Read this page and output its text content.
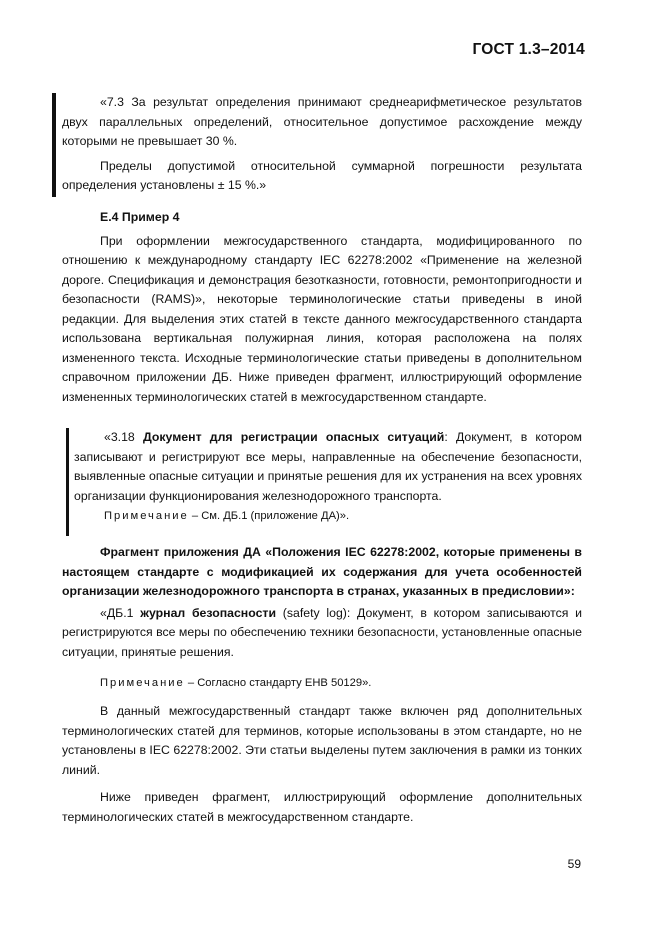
ГОСТ 1.3–2014

«7.3 За результат определения принимают среднеарифметическое результатов двух параллельных определений, относительное допустимое расхождение между которыми не превышает 30 %.

Пределы допустимой относительной суммарной погрешности результата определения установлены ± 15 %.»

Е.4 Пример 4

При оформлении межгосударственного стандарта, модифицированного по отношению к международному стандарту IEC 62278:2002 «Применение на железной дороге. Спецификация и демонстрация безотказности, готовности, ремонтопригодности и безопасности (RAMS)», некоторые терминологические статьи приведены в иной редакции. Для выделения этих статей в тексте данного межгосударственного стандарта использована вертикальная полужирная линия, которая расположена на полях измененного текста. Исходные терминологические статьи приведены в дополнительном справочном приложении ДБ. Ниже приведен фрагмент, иллюстрирующий оформление измененных терминологических статей в межгосударственном стандарте.

«3.18 Документ для регистрации опасных ситуаций: Документ, в котором записывают и регистрируют все меры, направленные на обеспечение безопасности, выявленные опасные ситуации и принятые решения для их устранения на всех уровнях организации функционирования железнодорожного транспорта.

Примечание – См. ДБ.1 (приложение ДА)».

Фрагмент приложения ДА «Положения IEC 62278:2002, которые применены в настоящем стандарте с модификацией их содержания для учета особенностей организации железнодорожного транспорта в странах, указанных в предисловии»:

«ДБ.1 журнал безопасности (safety log): Документ, в котором записываются и регистрируются все меры по обеспечению техники безопасности, установленные опасные ситуации, принятые решения.

Примечание – Согласно стандарту ЕНВ 50129».

В данный межгосударственный стандарт также включен ряд дополнительных терминологических статей для терминов, которые использованы в этом стандарте, но не установлены в IEC 62278:2002. Эти статьи выделены путем заключения в рамки из тонких линий.

Ниже приведен фрагмент, иллюстрирующий оформление дополнительных терминологических статей в межгосударственном стандарте.

59
